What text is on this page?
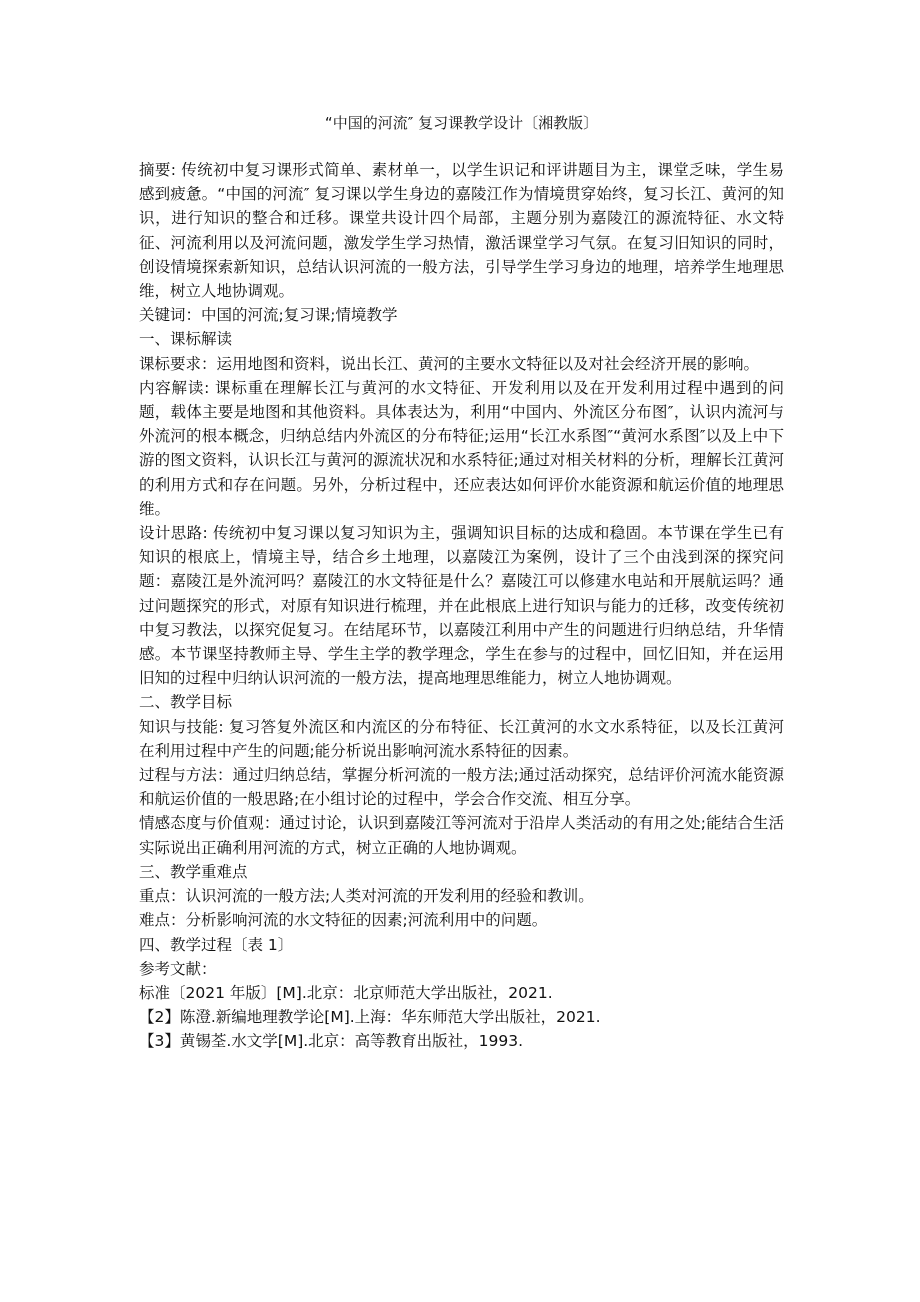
“中国的河流″ 复习课教学设计〔湘教版〕

摘要: 传统初中复习课形式简单、素材单一，以学生识记和评讲题目为主，课堂乏味，学生易感到疲惫。“中国的河流″ 复习课以学生身边的嘉陵江作为情境贯穿始终，复习长江、黄河的知识，进行知识的整合和迁移。课堂共设计四个局部，主题分别为嘉陵江的源流特征、水文特征、河流利用以及河流问题，激发学生学习热情，激活课堂学习气氛。在复习旧知识的同时，创设情境探索新知识，总结认识河流的一般方法，引导学生学习身边的地理，培养学生地理思维，树立人地协调观。

关键词：中国的河流;复习课;情境教学

一、课标解读

课标要求：运用地图和资料，说出长江、黄河的主要水文特征以及对社会经济开展的影响。

内容解读: 课标重在理解长江与黄河的水文特征、开发利用以及在开发利用过程中遇到的问题，载体主要是地图和其他资料。具体表达为，利用“中国内、外流区分布图″，认识内流河与外流河的根本概念，归纳总结内外流区的分布特征;运用“长江水系图″“黄河水系图″以及上中下游的图文资料，认识长江与黄河的源流状况和水系特征;通过对相关材料的分析，理解长江黄河的利用方式和存在问题。另外，分析过程中，还应表达如何评价水能资源和航运价值的地理思维。

设计思路: 传统初中复习课以复习知识为主，强调知识目标的达成和稳固。本节课在学生已有知识的根底上，情境主导，结合乡土地理，以嘉陵江为案例，设计了三个由浅到深的探究问题：嘉陵江是外流河吗？嘉陵江的水文特征是什么？嘉陵江可以修建水电站和开展航运吗？通过问题探究的形式，对原有知识进行梳理，并在此根底上进行知识与能力的迁移，改变传统初中复习教法，以探究促复习。在结尾环节，以嘉陵江利用中产生的问题进行归纳总结，升华情感。本节课坚持教师主导、学生主学的教学理念，学生在参与的过程中，回忆旧知，并在运用旧知的过程中归纳认识河流的一般方法，提高地理思维能力，树立人地协调观。

二、教学目标

知识与技能: 复习答复外流区和内流区的分布特征、长江黄河的水文水系特征，以及长江黄河在利用过程中产生的问题;能分析说出影响河流水系特征的因素。

过程与方法：通过归纳总结，掌握分析河流的一般方法;通过活动探究，总结评价河流水能资源和航运价值的一般思路;在小组讨论的过程中，学会合作交流、相互分享。

情感态度与价值观：通过讨论，认识到嘉陵江等河流对于沿岸人类活动的有用之处;能结合生活实际说出正确利用河流的方式，树立正确的人地协调观。

三、教学重难点

重点：认识河流的一般方法;人类对河流的开发利用的经验和教训。

难点：分析影响河流的水文特征的因素;河流利用中的问题。

四、教学过程〔表 1〕

参考文献：

标准〔2021 年版〕[M].北京：北京师范大学出版社，2021.

【2】陈澄.新编地理教学论[M].上海：华东师范大学出版社，2021.

【3】黄锡荃.水文学[M].北京：高等教育出版社，1993.
